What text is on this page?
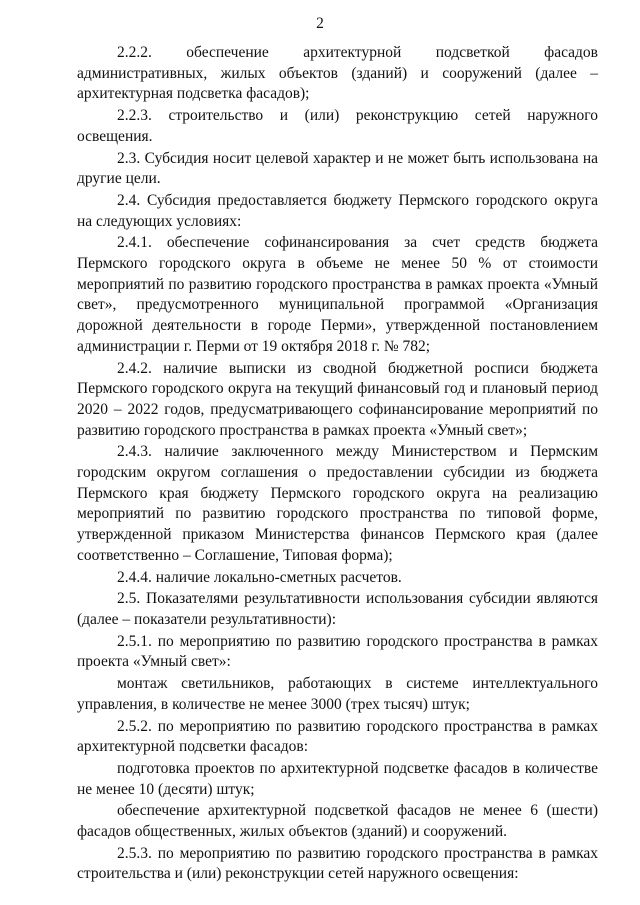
2

2.2.2. обеспечение архитектурной подсветкой фасадов административных, жилых объектов (зданий) и сооружений (далее – архитектурная подсветка фасадов);

2.2.3. строительство и (или) реконструкцию сетей наружного освещения.

2.3. Субсидия носит целевой характер и не может быть использована на другие цели.

2.4. Субсидия предоставляется бюджету Пермского городского округа на следующих условиях:

2.4.1. обеспечение софинансирования за счет средств бюджета Пермского городского округа в объеме не менее 50 % от стоимости мероприятий по развитию городского пространства в рамках проекта «Умный свет», предусмотренного муниципальной программой «Организация дорожной деятельности в городе Перми», утвержденной постановлением администрации г. Перми от 19 октября 2018 г. № 782;

2.4.2. наличие выписки из сводной бюджетной росписи бюджета Пермского городского округа на текущий финансовый год и плановый период 2020 – 2022 годов, предусматривающего софинансирование мероприятий по развитию городского пространства в рамках проекта «Умный свет»;

2.4.3. наличие заключенного между Министерством и Пермским городским округом соглашения о предоставлении субсидии из бюджета Пермского края бюджету Пермского городского округа на реализацию мероприятий по развитию городского пространства по типовой форме, утвержденной приказом Министерства финансов Пермского края (далее соответственно – Соглашение, Типовая форма);

2.4.4. наличие локально-сметных расчетов.

2.5. Показателями результативности использования субсидии являются (далее – показатели результативности):

2.5.1. по мероприятию по развитию городского пространства в рамках проекта «Умный свет»:

монтаж светильников, работающих в системе интеллектуального управления, в количестве не менее 3000 (трех тысяч) штук;

2.5.2. по мероприятию по развитию городского пространства в рамках архитектурной подсветки фасадов:

подготовка проектов по архитектурной подсветке фасадов в количестве не менее 10 (десяти) штук;

обеспечение архитектурной подсветкой фасадов не менее 6 (шести) фасадов общественных, жилых объектов (зданий) и сооружений.

2.5.3. по мероприятию по развитию городского пространства в рамках строительства и (или) реконструкции сетей наружного освещения:
